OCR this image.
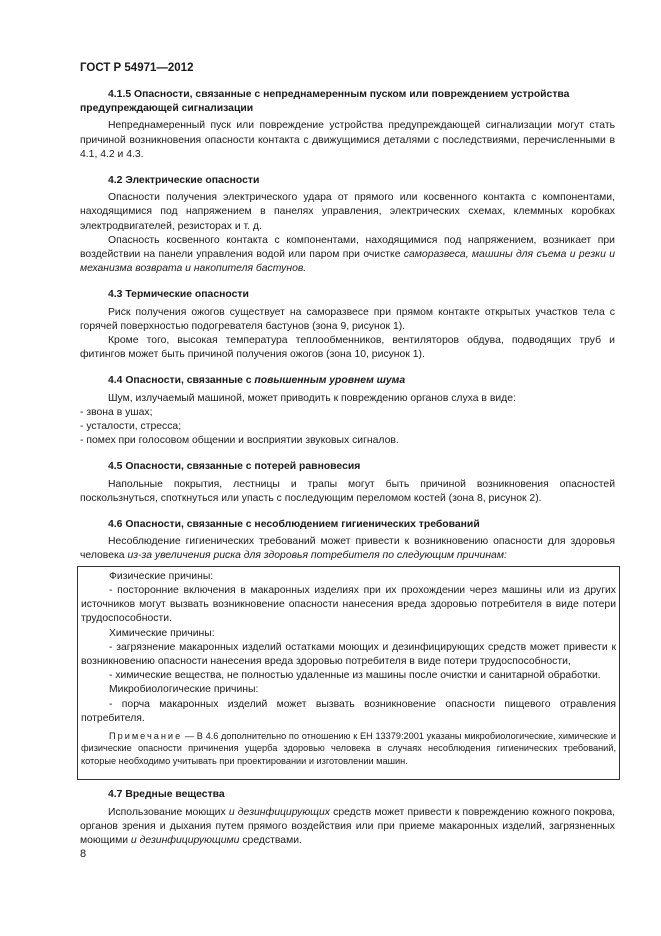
ГОСТ Р 54971—2012
4.1.5 Опасности, связанные с непреднамеренным пуском или повреждением устройства
предупреждающей сигнализации

Непреднамеренный пуск или повреждение устройства предупреждающей сигнализации могут стать причиной возникновения опасности контакта с движущимися деталями с последствиями, перечисленными в 4.1, 4.2 и 4.3.

4.2 Электрические опасности

Опасности получения электрического удара от прямого или косвенного контакта с компонентами, находящимися под напряжением в панелях управления, электрических схемах, клеммных коробках электродвигателей, резисторах и т. д.

Опасность косвенного контакта с компонентами, находящимися под напряжением, возникает при воздействии на панели управления водой или паром при очистке саморазвеса, машины для съема и резки и механизма возврата и накопителя бастунов.

4.3 Термические опасности

Риск получения ожогов существует на саморазвесе при прямом контакте открытых участков тела с горячей поверхностью подогревателя бастунов (зона 9, рисунок 1).

Кроме того, высокая температура теплообменников, вентиляторов обдува, подводящих труб и фитингов может быть причиной получения ожогов (зона 10, рисунок 1).

4.4 Опасности, связанные с повышенным уровнем шума

Шум, излучаемый машиной, может приводить к повреждению органов слуха в виде:

- звона в ушах;

- усталости, стресса;

- помех при голосовом общении и восприятии звуковых сигналов.

4.5 Опасности, связанные с потерей равновесия

Напольные покрытия, лестницы и трапы могут быть причиной возникновения опасностей поскользнуться, споткнуться или упасть с последующим переломом костей (зона 8, рисунок 2).

4.6 Опасности, связанные с несоблюдением гигиенических требований

Несоблюдение гигиенических требований может привести к возникновению опасности для здоровья человека из-за увеличения риска для здоровья потребителя по следующим причинам:

Физические причины:

- посторонние включения в макаронных изделиях при их прохождении через машины или из других источников могут вызвать возникновение опасности нанесения вреда здоровью потребителя в виде потери трудоспособности.

Химические причины:

- загрязнение макаронных изделий остатками моющих и дезинфицирующих средств может привести к возникновению опасности нанесения вреда здоровью потребителя в виде потери трудоспособности,

- химические вещества, не полностью удаленные из машины после очистки и санитарной обработки.

Микробиологические причины:

- порча макаронных изделий может вызвать возникновение опасности пищевого отравления потребителя.

Примечание — В 4.6 дополнительно по отношению к ЕН 13379:2001 указаны микробиологические, химические и физические опасности причинения ущерба здоровью человека в случаях несоблюдения гигиенических требований, которые необходимо учитывать при проектировании и изготовлении машин.

4.7 Вредные вещества

Использование моющих и дезинфицирующих средств может привести к повреждению кожного покрова, органов зрения и дыхания путем прямого воздействия или при приеме макаронных изделий, загрязненных моющими и дезинфицирующими средствами.

8
